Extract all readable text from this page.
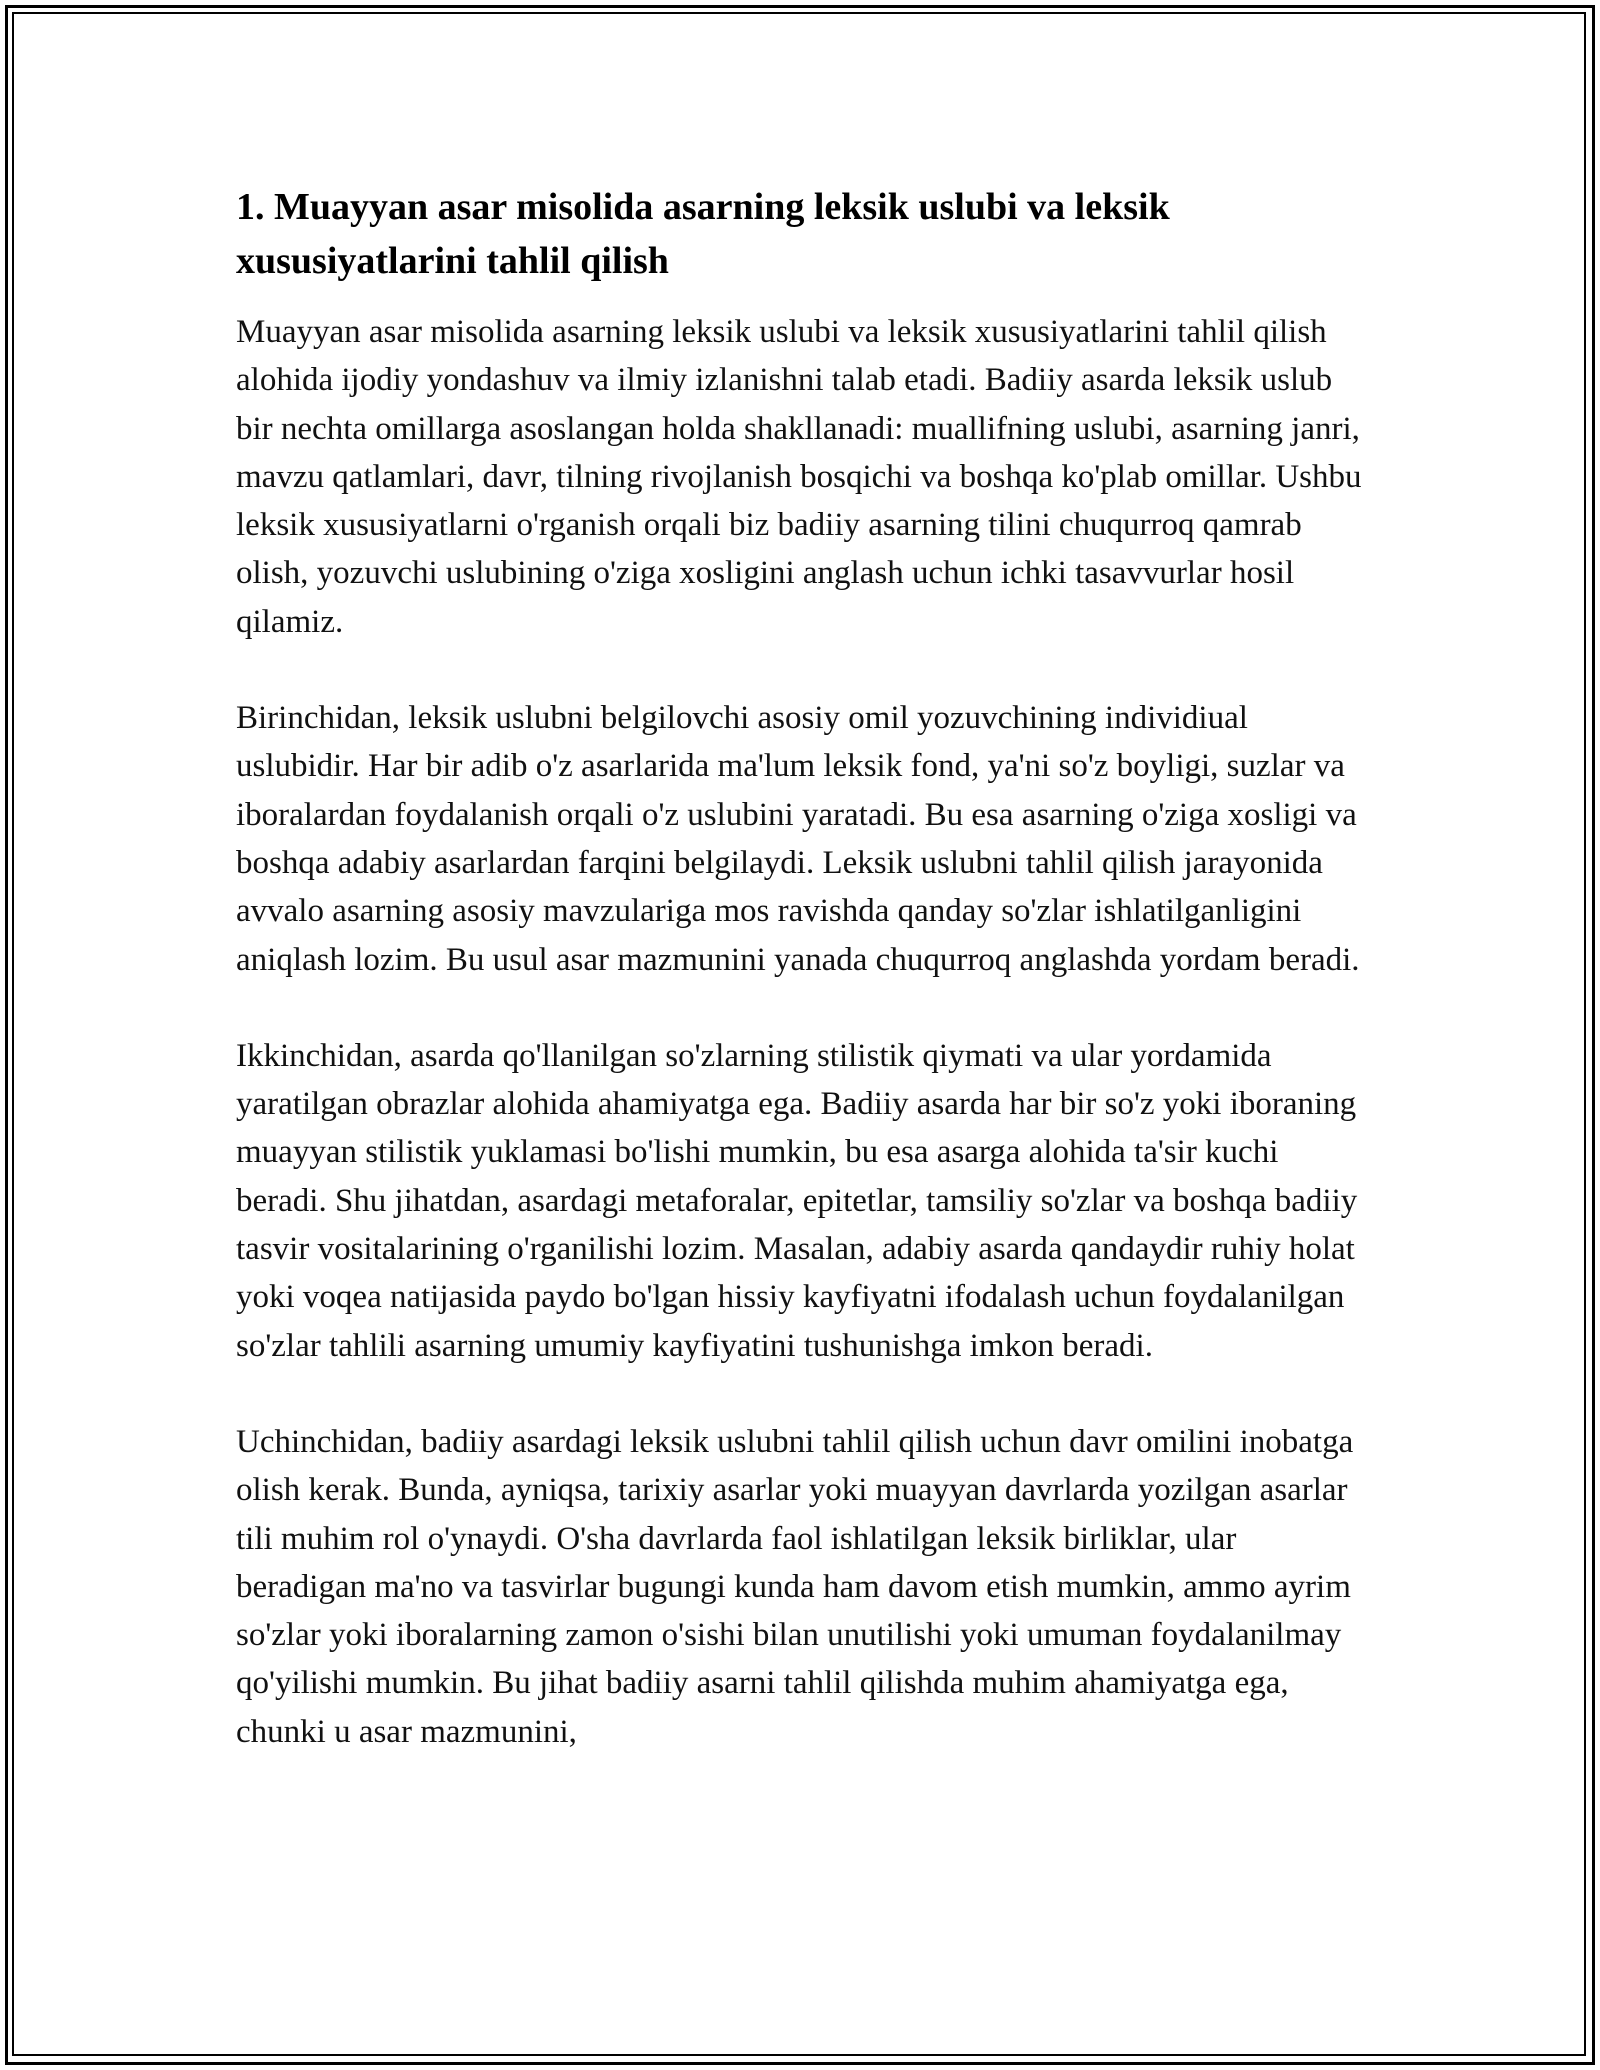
1. Muayyan asar misolida asarning leksik uslubi va leksik xususiyatlarini tahlil qilish

Muayyan asar misolida asarning leksik uslubi va leksik xususiyatlarini tahlil qilish alohida ijodiy yondashuv va ilmiy izlanishni talab etadi. Badiiy asarda leksik uslub bir nechta omillarga asoslangan holda shakllanadi: muallifning uslubi, asarning janri, mavzu qatlamlari, davr, tilning rivojlanish bosqichi va boshqa ko'plab omillar. Ushbu leksik xususiyatlarni o'rganish orqali biz badiiy asarning tilini chuqurroq qamrab olish, yozuvchi uslubining o'ziga xosligini anglash uchun ichki tasavvurlar hosil qilamiz.

Birinchidan, leksik uslubni belgilovchi asosiy omil yozuvchining individiual uslubidir. Har bir adib o'z asarlarida ma'lum leksik fond, ya'ni so'z boyligi, suzlar va iboralardan foydalanish orqali o'z uslubini yaratadi. Bu esa asarning o'ziga xosligi va boshqa adabiy asarlardan farqini belgilaydi. Leksik uslubni tahlil qilish jarayonida avvalo asarning asosiy mavzulariga mos ravishda qanday so'zlar ishlatilganligini aniqlash lozim. Bu usul asar mazmunini yanada chuqurroq anglashda yordam beradi.

Ikkinchidan, asarda qo'llanilgan so'zlarning stilistik qiymati va ular yordamida yaratilgan obrazlar alohida ahamiyatga ega. Badiiy asarda har bir so'z yoki iboraning muayyan stilistik yuklamasi bo'lishi mumkin, bu esa asarga alohida ta'sir kuchi beradi. Shu jihatdan, asardagi metaforalar, epitetlar, tamsiliy so'zlar va boshqa badiiy tasvir vositalarining o'rganilishi lozim. Masalan, adabiy asarda qandaydir ruhiy holat yoki voqea natijasida paydo bo'lgan hissiy kayfiyatni ifodalash uchun foydalanilgan so'zlar tahlili asarning umumiy kayfiyatini tushunishga imkon beradi.

Uchinchidan, badiiy asardagi leksik uslubni tahlil qilish uchun davr omilini inobatga olish kerak. Bunda, ayniqsa, tarixiy asarlar yoki muayyan davrlarda yozilgan asarlar tili muhim rol o'ynaydi. O'sha davrlarda faol ishlatilgan leksik birliklar, ular beradigan ma'no va tasvirlar bugungi kunda ham davom etish mumkin, ammo ayrim so'zlar yoki iboralarning zamon o'sishi bilan unutilishi yoki umuman foydalanilmay qo'yilishi mumkin. Bu jihat badiiy asarni tahlil qilishda muhim ahamiyatga ega, chunki u asar mazmunini,
